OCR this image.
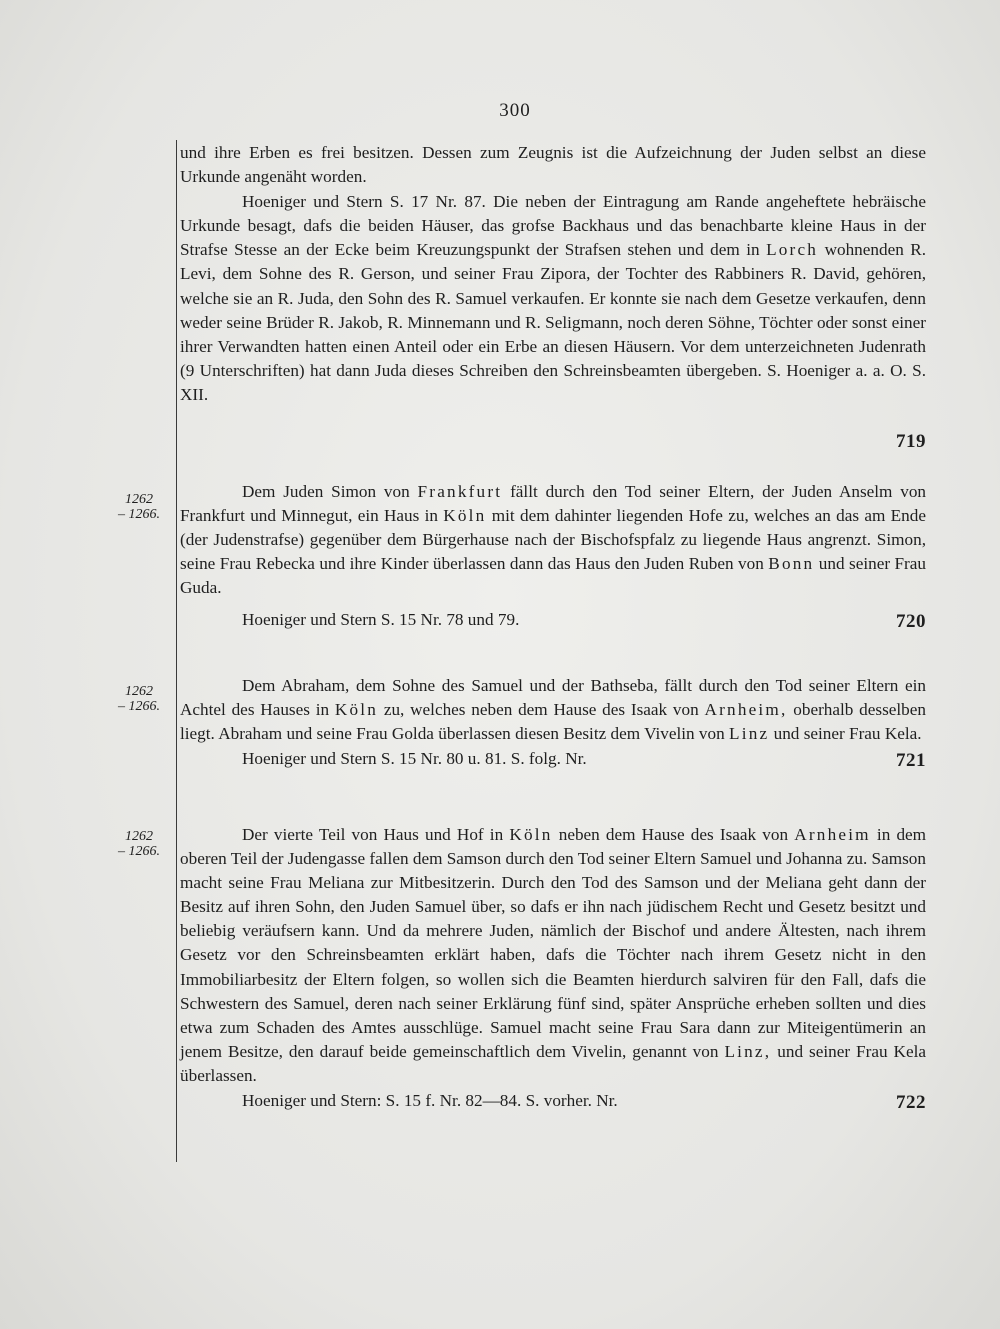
300

und ihre Erben es frei besitzen. Dessen zum Zeugnis ist die Aufzeichnung der Juden selbst an diese Urkunde angenäht worden.

Hoeniger und Stern S. 17 Nr. 87. Die neben der Eintragung am Rande angeheftete hebräische Urkunde besagt, dafs die beiden Häuser, das grofse Backhaus und das benachbarte kleine Haus in der Strafse Stesse an der Ecke beim Kreuzungspunkt der Strafsen stehen und dem in Lorch wohnenden R. Levi, dem Sohne des R. Gerson, und seiner Frau Zipora, der Tochter des Rabbiners R. David, gehören, welche sie an R. Juda, den Sohn des R. Samuel verkaufen. Er konnte sie nach dem Gesetze verkaufen, denn weder seine Brüder R. Jakob, R. Minnemann und R. Seligmann, noch deren Söhne, Töchter oder sonst einer ihrer Verwandten hatten einen Anteil oder ein Erbe an diesen Häusern. Vor dem unterzeichneten Judenrath (9 Unterschriften) hat dann Juda dieses Schreiben den Schreinsbeamten übergeben. S. Hoeniger a. a. O. S. XII.

719
1262
– 1266.

Dem Juden Simon von Frankfurt fällt durch den Tod seiner Eltern, der Juden Anselm von Frankfurt und Minnegut, ein Haus in Köln mit dem dahinter liegenden Hofe zu, welches an das am Ende (der Judenstrafse) gegenüber dem Bürgerhause nach der Bischofspfalz zu liegende Haus angrenzt. Simon, seine Frau Rebecka und ihre Kinder überlassen dann das Haus den Juden Ruben von Bonn und seiner Frau Guda.

Hoeniger und Stern S. 15 Nr. 78 und 79.	720
1262
– 1266.

Dem Abraham, dem Sohne des Samuel und der Bathseba, fällt durch den Tod seiner Eltern ein Achtel des Hauses in Köln zu, welches neben dem Hause des Isaak von Arnheim, oberhalb desselben liegt. Abraham und seine Frau Golda überlassen diesen Besitz dem Vivelin von Linz und seiner Frau Kela.

Hoeniger und Stern S. 15 Nr. 80 u. 81. S. folg. Nr.	721
1262
– 1266.

Der vierte Teil von Haus und Hof in Köln neben dem Hause des Isaak von Arnheim in dem oberen Teil der Judengasse fallen dem Samson durch den Tod seiner Eltern Samuel und Johanna zu. Samson macht seine Frau Meliana zur Mitbesitzerin. Durch den Tod des Samson und der Meliana geht dann der Besitz auf ihren Sohn, den Juden Samuel über, so dafs er ihn nach jüdischem Recht und Gesetz besitzt und beliebig veräufsern kann. Und da mehrere Juden, nämlich der Bischof und andere Ältesten, nach ihrem Gesetz vor den Schreinsbeamten erklärt haben, dafs die Töchter nach ihrem Gesetz nicht in den Immobiliarbesitz der Eltern folgen, so wollen sich die Beamten hierdurch salviren für den Fall, dafs die Schwestern des Samuel, deren nach seiner Erklärung fünf sind, später Ansprüche erheben sollten und dies etwa zum Schaden des Amtes ausschlüge. Samuel macht seine Frau Sara dann zur Miteigentümerin an jenem Besitze, den darauf beide gemeinschaftlich dem Vivelin, genannt von Linz, und seiner Frau Kela überlassen.

Hoeniger und Stern: S. 15 f. Nr. 82—84. S. vorher. Nr.	722
